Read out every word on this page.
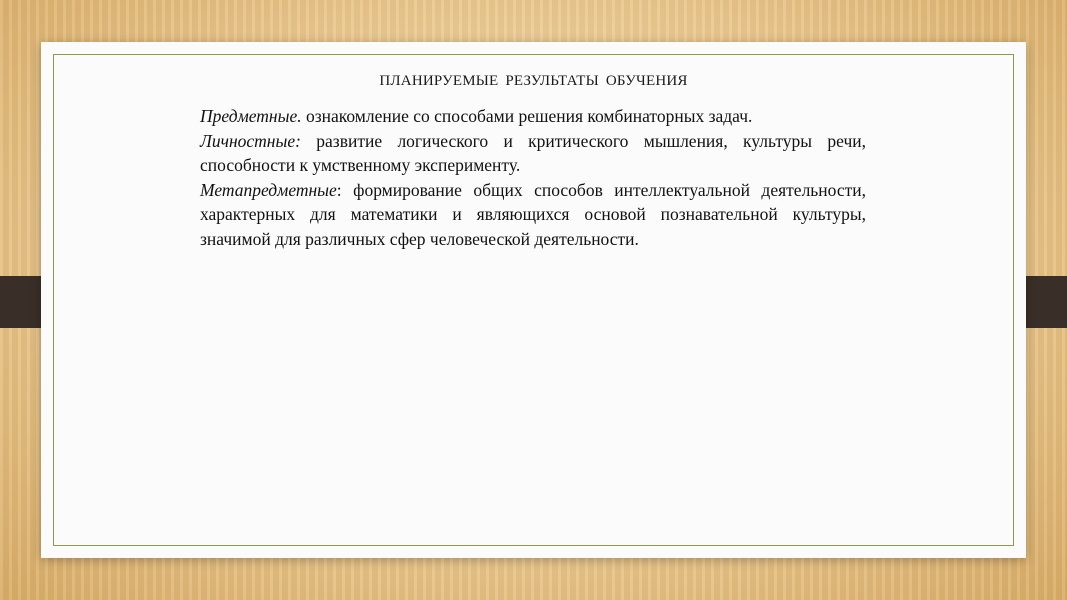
ПЛАНИРУЕМЫЕ РЕЗУЛЬТАТЫ ОБУЧЕНИЯ

Предметные. ознакомление со способами решения комбинаторных задач.

Личностные: развитие логического и критического мышления, культуры речи, способности к умственному эксперименту.

Метапредметные: формирование общих способов интеллектуальной деятельности, характерных для математики и являющихся основой познавательной культуры, значимой для различных сфер человеческой деятельности.
